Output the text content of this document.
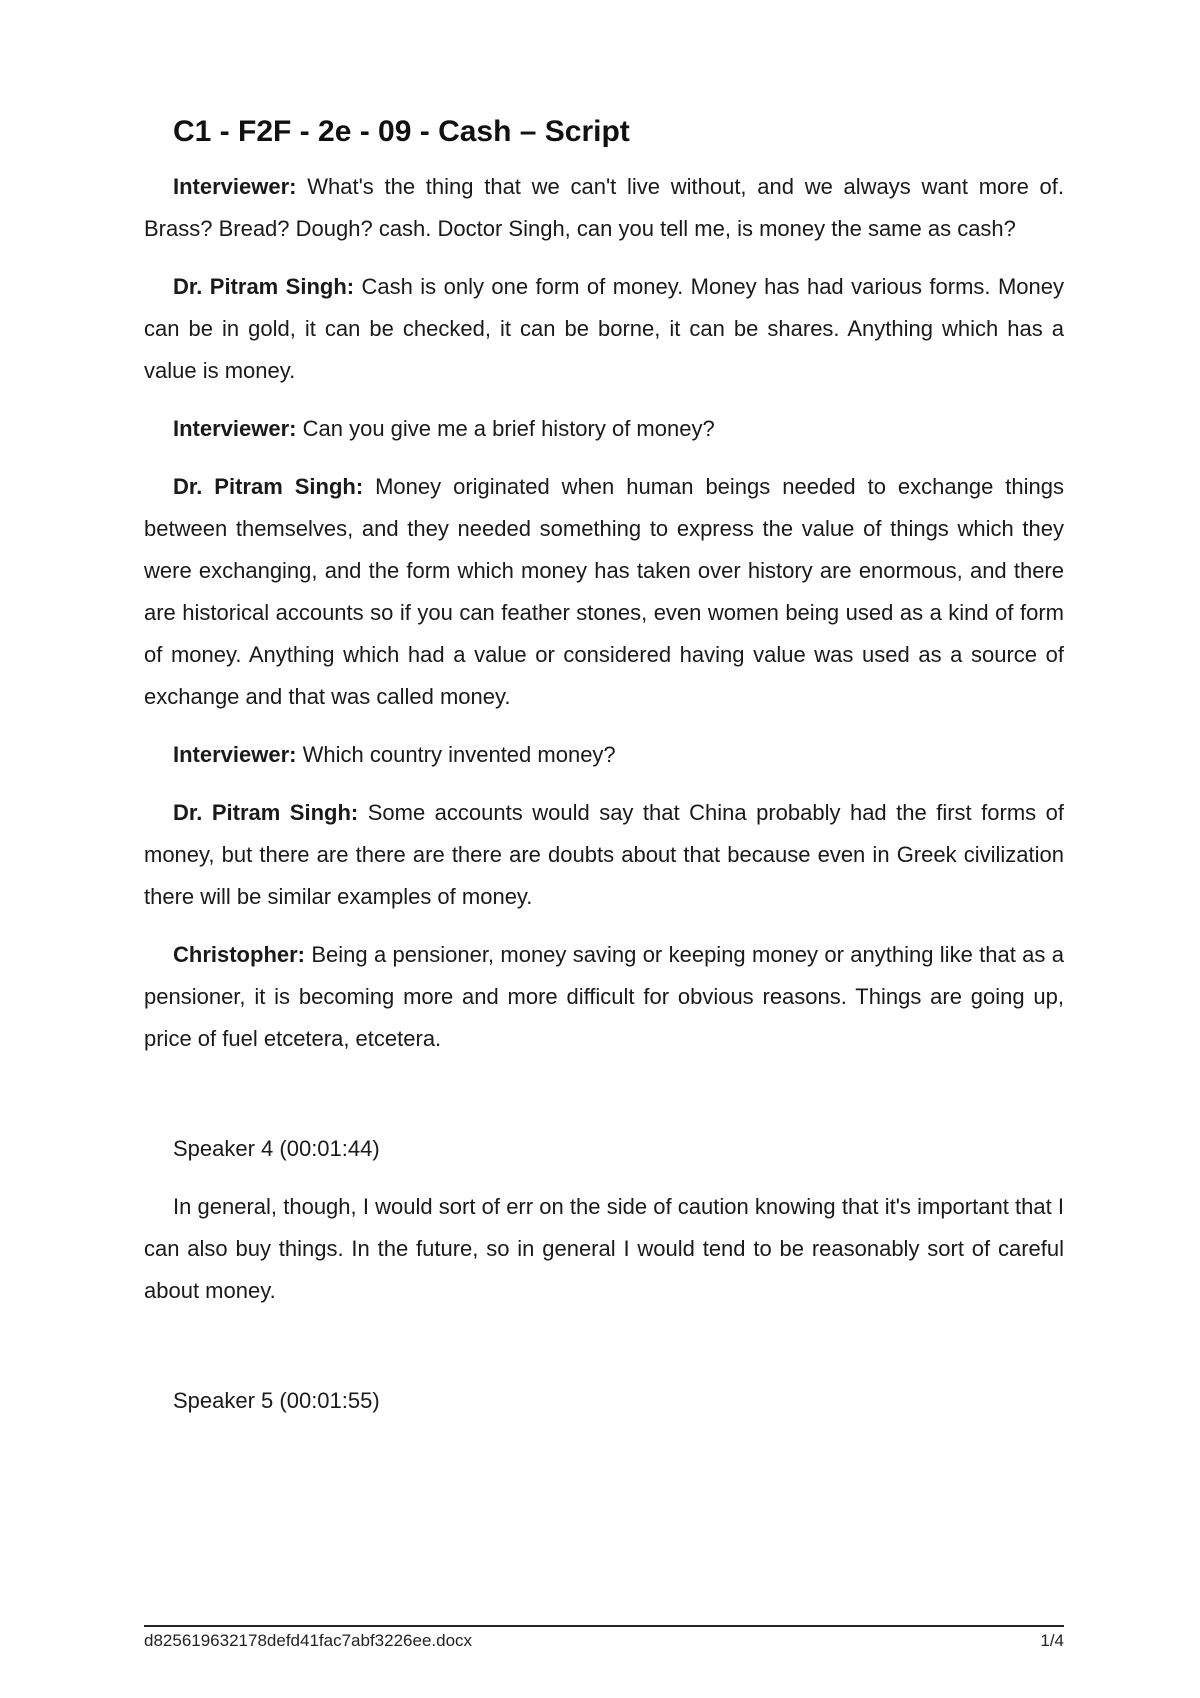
C1 - F2F - 2e - 09 - Cash – Script

Interviewer: What's the thing that we can't live without, and we always want more of. Brass? Bread? Dough? cash. Doctor Singh, can you tell me, is money the same as cash?

Dr. Pitram Singh: Cash is only one form of money. Money has had various forms. Money can be in gold, it can be checked, it can be borne, it can be shares. Anything which has a value is money.

Interviewer: Can you give me a brief history of money?

Dr. Pitram Singh: Money originated when human beings needed to exchange things between themselves, and they needed something to express the value of things which they were exchanging, and the form which money has taken over history are enormous, and there are historical accounts so if you can feather stones, even women being used as a kind of form of money. Anything which had a value or considered having value was used as a source of exchange and that was called money.

Interviewer: Which country invented money?

Dr. Pitram Singh: Some accounts would say that China probably had the first forms of money, but there are there are there are doubts about that because even in Greek civilization there will be similar examples of money.

Christopher: Being a pensioner, money saving or keeping money or anything like that as a pensioner, it is becoming more and more difficult for obvious reasons. Things are going up, price of fuel etcetera, etcetera.

Speaker 4 (00:01:44)

In general, though, I would sort of err on the side of caution knowing that it's important that I can also buy things. In the future, so in general I would tend to be reasonably sort of careful about money.

Speaker 5 (00:01:55)

d825619632178defd41fac7abf3226ee.docx	1/4
